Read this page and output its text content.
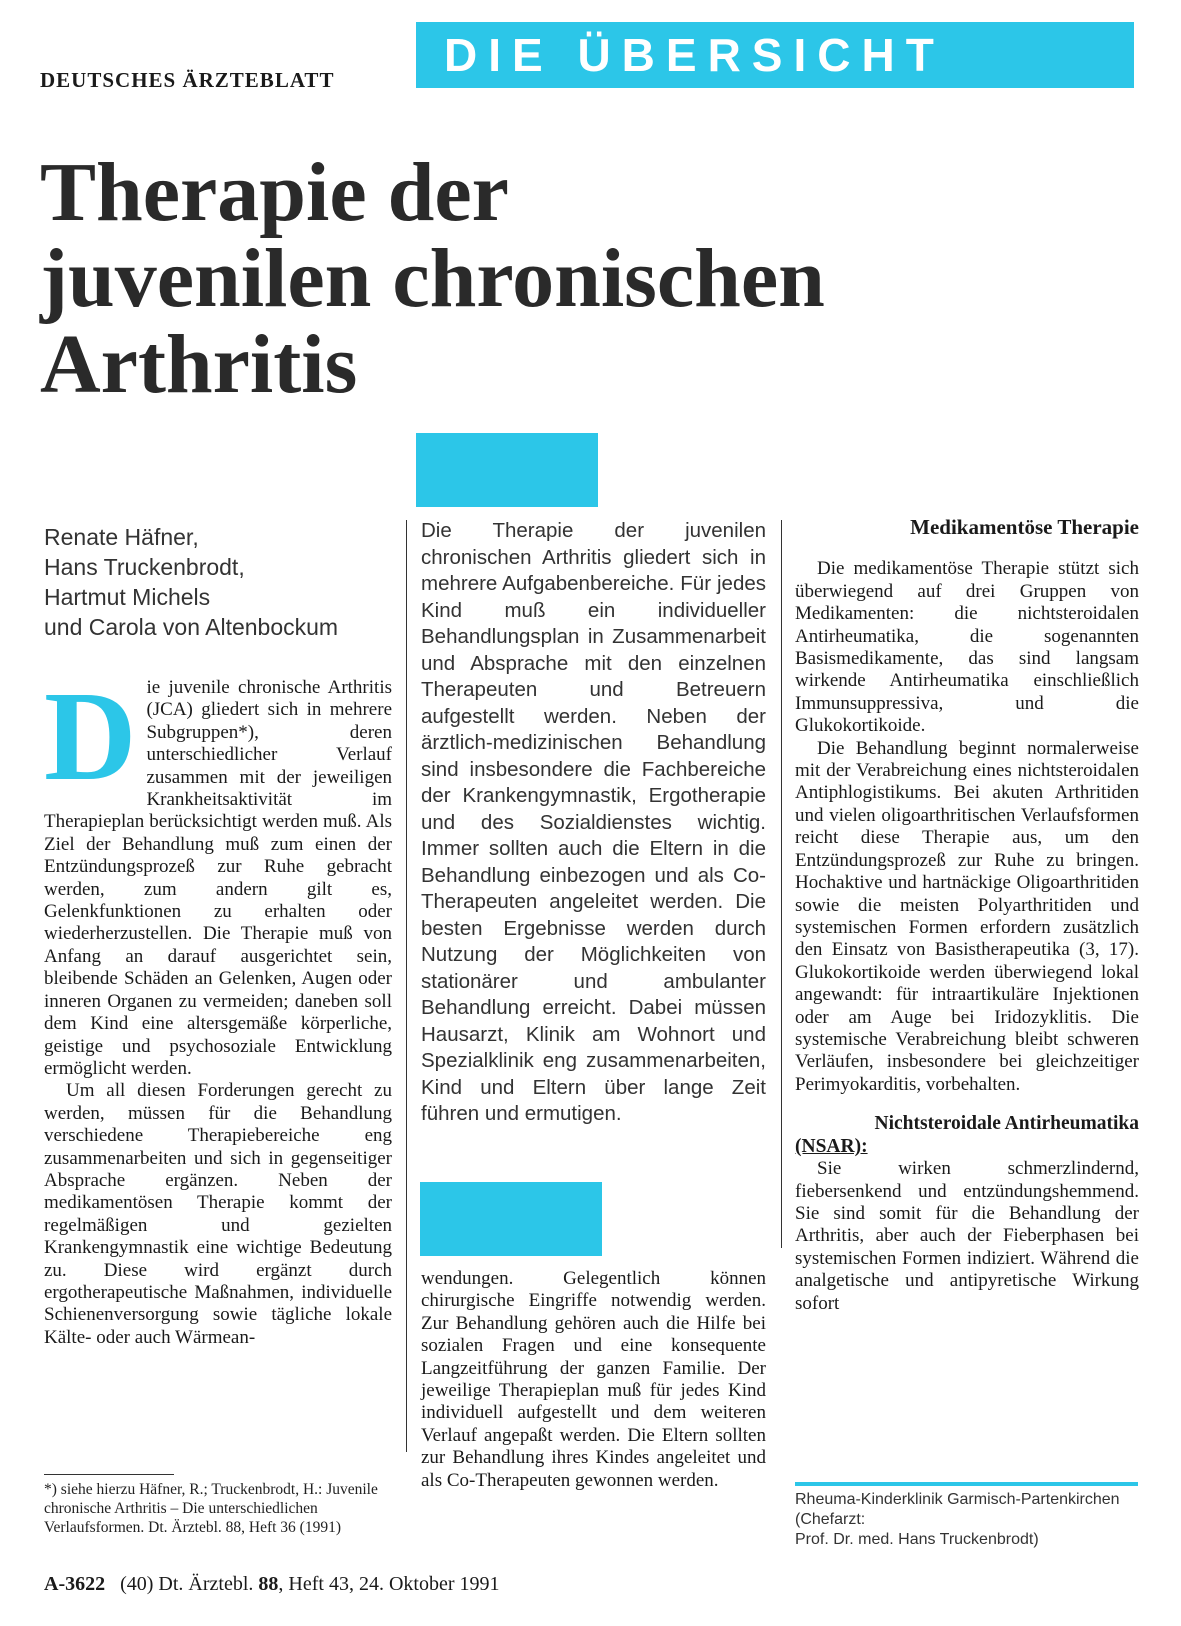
DEUTSCHES ÄRZTEBLATT	DIE ÜBERSICHT
Therapie der
juvenilen chronischen
Arthritis

Renate Häfner,
Hans Truckenbrodt,
Hartmut Michels
und Carola von Altenbockum

Die juvenile chronische Arthritis (JCA) gliedert sich in mehrere Subgruppen*), deren unterschiedlicher Verlauf zusammen mit der jeweiligen Krankheitsaktivität im Therapieplan berücksichtigt werden muß. Als Ziel der Behandlung muß zum einen der Entzündungsprozeß zur Ruhe gebracht werden, zum andern gilt es, Gelenkfunktionen zu erhalten oder wiederherzustellen. Die Therapie muß von Anfang an darauf ausgerichtet sein, bleibende Schäden an Gelenken, Augen oder inneren Organen zu vermeiden; daneben soll dem Kind eine altersgemäße körperliche, geistige und psychosoziale Entwicklung ermöglicht werden.

Um all diesen Forderungen gerecht zu werden, müssen für die Behandlung verschiedene Therapiebereiche eng zusammenarbeiten und sich in gegenseitiger Absprache ergänzen. Neben der medikamentösen Therapie kommt der regelmäßigen und gezielten Krankengymnastik eine wichtige Bedeutung zu. Diese wird ergänzt durch ergotherapeutische Maßnahmen, individuelle Schienenversorgung sowie tägliche lokale Kälte- oder auch Wärmean-

*) siehe hierzu Häfner, R.; Truckenbrodt, H.: Juvenile chronische Arthritis – Die unterschiedlichen Verlaufsformen. Dt. Ärztebl. 88, Heft 36 (1991)

Die Therapie der juvenilen chronischen Arthritis gliedert sich in mehrere Aufgabenbereiche. Für jedes Kind muß ein individueller Behandlungsplan in Zusammenarbeit und Absprache mit den einzelnen Therapeuten und Betreuern aufgestellt werden. Neben der ärztlich-medizinischen Behandlung sind insbesondere die Fachbereiche der Krankengymnastik, Ergotherapie und des Sozialdienstes wichtig. Immer sollten auch die Eltern in die Behandlung einbezogen und als Co-Therapeuten angeleitet werden. Die besten Ergebnisse werden durch Nutzung der Möglichkeiten von stationärer und ambulanter Behandlung erreicht. Dabei müssen Hausarzt, Klinik am Wohnort und Spezialklinik eng zusammenarbeiten, Kind und Eltern über lange Zeit führen und ermutigen.

wendungen. Gelegentlich können chirurgische Eingriffe notwendig werden. Zur Behandlung gehören auch die Hilfe bei sozialen Fragen und eine konsequente Langzeitführung der ganzen Familie. Der jeweilige Therapieplan muß für jedes Kind individuell aufgestellt und dem weiteren Verlauf angepaßt werden. Die Eltern sollten zur Behandlung ihres Kindes angeleitet und als Co-Therapeuten gewonnen werden.

Medikamentöse Therapie

Die medikamentöse Therapie stützt sich überwiegend auf drei Gruppen von Medikamenten: die nichtsteroidalen Antirheumatika, die sogenannten Basismedikamente, das sind langsam wirkende Antirheumatika einschließlich Immunsuppressiva, und die Glukokortikoide.

Die Behandlung beginnt normalerweise mit der Verabreichung eines nichtsteroidalen Antiphlogistikums. Bei akuten Arthritiden und vielen oligoarthritischen Verlaufsformen reicht diese Therapie aus, um den Entzündungsprozeß zur Ruhe zu bringen. Hochaktive und hartnäckige Oligoarthritiden sowie die meisten Polyarthritiden und systemischen Formen erfordern zusätzlich den Einsatz von Basistherapeutika (3, 17). Glukokortikoide werden überwiegend lokal angewandt: für intraartikuläre Injektionen oder am Auge bei Iridozyklitis. Die systemische Verabreichung bleibt schweren Verläufen, insbesondere bei gleichzeitiger Perimyokarditis, vorbehalten.

Nichtsteroidale Antirheumatika

(NSAR):

Sie wirken schmerzlindernd, fiebersenkend und entzündungshemmend. Sie sind somit für die Behandlung der Arthritis, aber auch der Fieberphasen bei systemischen Formen indiziert. Während die analgetische und antipyretische Wirkung sofort

Rheuma-Kinderklinik Garmisch-Partenkirchen (Chefarzt:
Prof. Dr. med. Hans Truckenbrodt)

A-3622 (40) Dt. Ärztebl. 88, Heft 43, 24. Oktober 1991
